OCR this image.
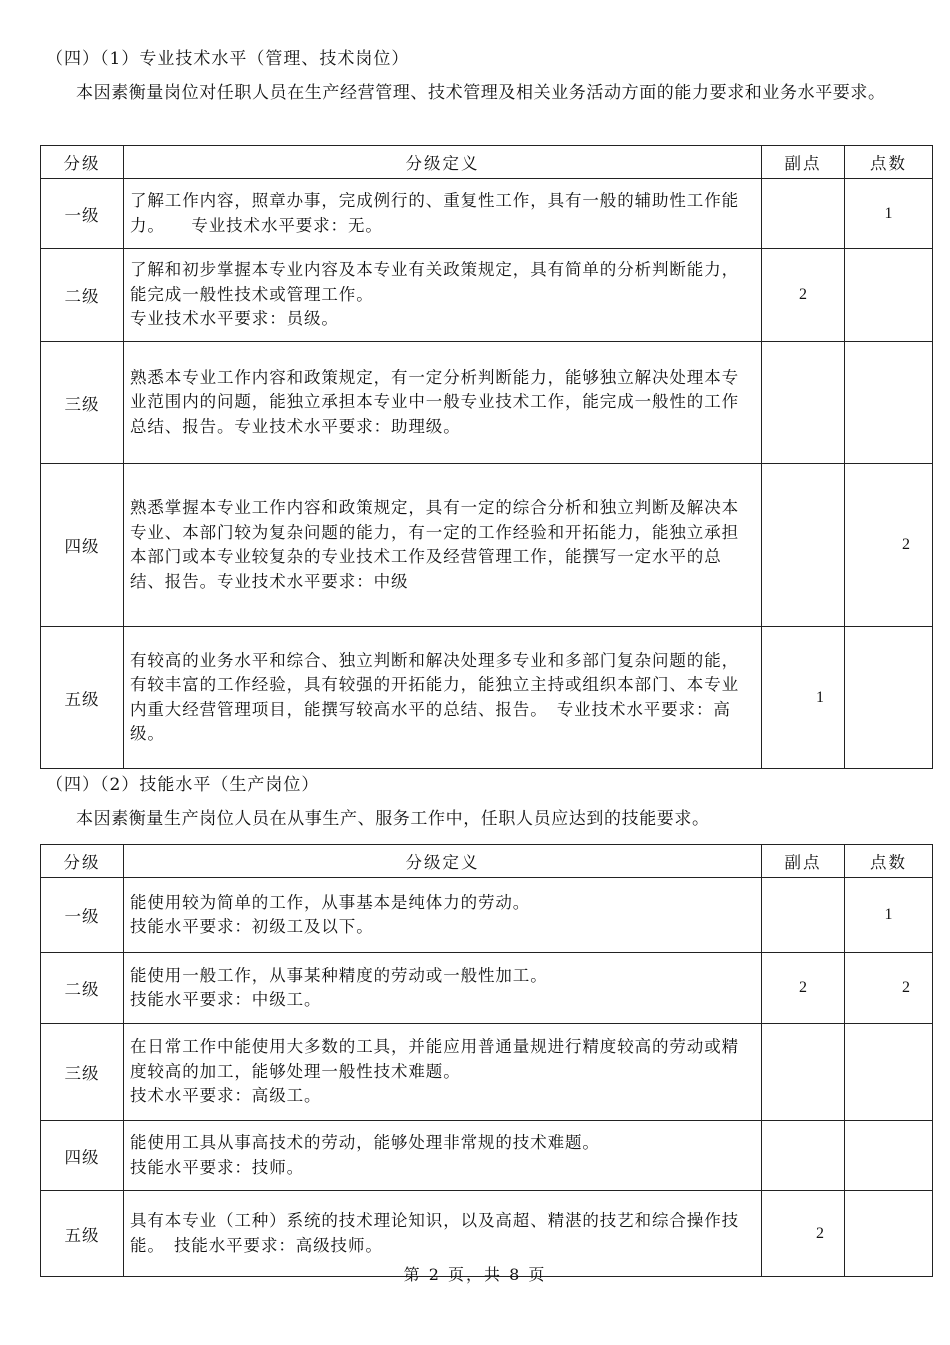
（四）（1）专业技术水平（管理、技术岗位）
本因素衡量岗位对任职人员在生产经营管理、技术管理及相关业务活动方面的能力要求和业务水平要求。
分级	分级定义	副点	点数
一级	了解工作内容，照章办事，完成例行的、重复性工作，具有一般的辅助性工作能力。　　专业技术水平要求：无。		1
二级	了解和初步掌握本专业内容及本专业有关政策规定，具有简单的分析判断能力，能完成一般性技术或管理工作。
专业技术水平要求：员级。	2	
三级	熟悉本专业工作内容和政策规定，有一定分析判断能力，能够独立解决处理本专业范围内的问题，能独立承担本专业中一般专业技术工作，能完成一般性的工作总结、报告。专业技术水平要求：助理级。		

四级	熟悉掌握本专业工作内容和政策规定，具有一定的综合分析和独立判断及解决本专业、本部门较为复杂问题的能力，有一定的工作经验和开拓能力，能独立承担本部门或本专业较复杂的专业技术工作及经营管理工作，能撰写一定水平的总结、报告。专业技术水平要求：中级		2
五级	有较高的业务水平和综合、独立判断和解决处理多专业和多部门复杂问题的能，有较丰富的工作经验，具有较强的开拓能力，能独立主持或组织本部门、本专业内重大经营管理项目，能撰写较高水平的总结、报告。　专业技术水平要求：高级。	1	
（四）（2）技能水平（生产岗位）
本因素衡量生产岗位人员在从事生产、服务工作中，任职人员应达到的技能要求。
分级	分级定义	副点	点数
一级	能使用较为简单的工作，从事基本是纯体力的劳动。
技能水平要求：初级工及以下。		1
二级	能使用一般工作，从事某种精度的劳动或一般性加工。
技能水平要求：中级工。	2	2
三级	在日常工作中能使用大多数的工具，并能应用普通量规进行精度较高的劳动或精度较高的加工，能够处理一般性技术难题。
技术水平要求：高级工。		

四级	能使用工具从事高技术的劳动，能够处理非常规的技术难题。
技能水平要求：技师。		

五级	具有本专业（工种）系统的技术理论知识，以及高超、精湛的技艺和综合操作技能。　技能水平要求：高级技师。	2	
第 2 页，共 8 页
